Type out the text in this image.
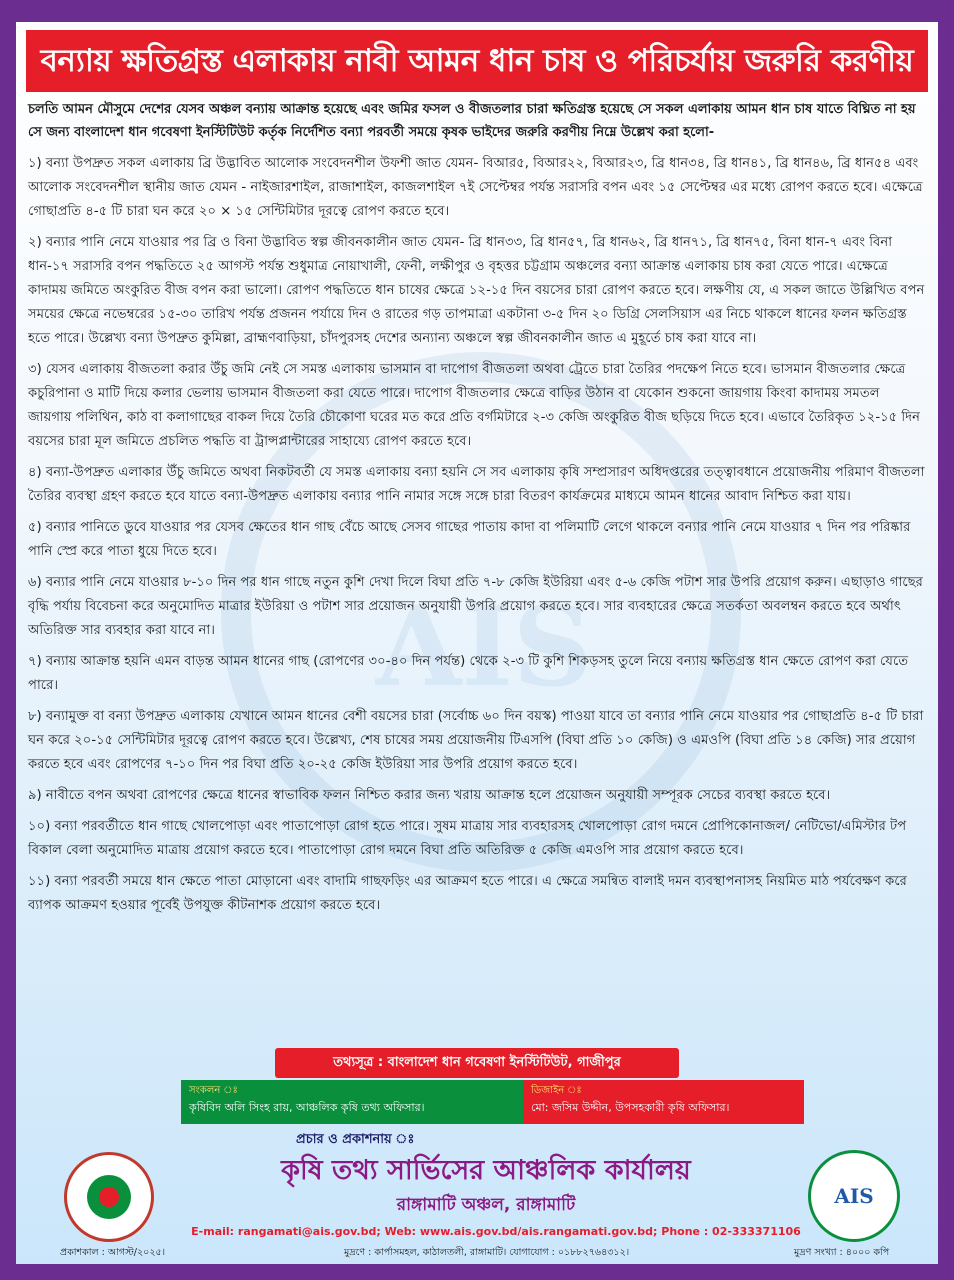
AIS
বন্যায় ক্ষতিগ্রস্ত এলাকায় নাবী আমন ধান চাষ ও পরিচর্যায় জরুরি করণীয়

চলতি আমন মৌসুমে দেশের যেসব অঞ্চল বন্যায় আক্রান্ত হয়েছে এবং জমির ফসল ও বীজতলার চারা ক্ষতিগ্রস্ত হয়েছে সে সকল এলাকায় আমন ধান চাষ যাতে বিঘ্নিত না হয় সে জন্য বাংলাদেশ ধান গবেষণা ইনস্টিটিউট কর্তৃক নির্দেশিত বন্যা পরবর্তী সময়ে কৃষক ভাইদের জরুরি করণীয় নিম্নে উল্লেখ করা হলো-

১) বন্যা উপদ্রুত সকল এলাকায় ব্রি উদ্ভাবিত আলোক সংবেদনশীল উফশী জাত যেমন- বিআর৫, বিআর২২, বিআর২৩, ব্রি ধান৩৪, ব্রি ধান৪১, ব্রি ধান৪৬, ব্রি ধান৫৪ এবং আলোক সংবেদনশীল স্থানীয় জাত যেমন - নাইজারশাইল, রাজাশাইল, কাজলশাইল ৭ই সেপ্টেম্বর পর্যন্ত সরাসরি বপন এবং ১৫ সেপ্টেম্বর এর মধ্যে রোপণ করতে হবে। এক্ষেত্রে গোছাপ্রতি ৪-৫ টি চারা ঘন করে ২০ × ১৫ সেন্টিমিটার দূরত্বে রোপণ করতে হবে।

২) বন্যার পানি নেমে যাওয়ার পর ব্রি ও বিনা উদ্ভাবিত স্বল্প জীবনকালীন জাত যেমন- ব্রি ধান৩৩, ব্রি ধান৫৭, ব্রি ধান৬২, ব্রি ধান৭১, ব্রি ধান৭৫, বিনা ধান-৭ এবং বিনা ধান-১৭ সরাসরি বপন পদ্ধতিতে ২৫ আগস্ট পর্যন্ত শুধুমাত্র নোয়াখালী, ফেনী, লক্ষীপুর ও বৃহত্তর চট্টগ্রাম অঞ্চলের বন্যা আক্রান্ত এলাকায় চাষ করা যেতে পারে। এক্ষেত্রে কাদাময় জমিতে অংকুরিত বীজ বপন করা ভালো। রোপণ পদ্ধতিতে ধান চাষের ক্ষেত্রে ১২-১৫ দিন বয়সের চারা রোপণ করতে হবে। লক্ষণীয় যে, এ সকল জাতে উল্লিখিত বপন সময়ের ক্ষেত্রে নভেম্বরের ১৫-৩০ তারিখ পর্যন্ত প্রজনন পর্যায়ে দিন ও রাতের গড় তাপমাত্রা একটানা ৩-৫ দিন ২০ ডিগ্রি সেলসিয়াস এর নিচে থাকলে ধানের ফলন ক্ষতিগ্রস্ত হতে পারে। উল্লেখ্য বন্যা উপদ্রুত কুমিল্লা, ব্রাহ্মণবাড়িয়া, চাঁদপুরসহ দেশের অন্যান্য অঞ্চলে স্বল্প জীবনকালীন জাত এ মুহূর্তে চাষ করা যাবে না।

৩) যেসব এলাকায় বীজতলা করার উঁচু জমি নেই সে সমস্ত এলাকায় ভাসমান বা দাপোগ বীজতলা অথবা ট্রেতে চারা তৈরির পদক্ষেপ নিতে হবে। ভাসমান বীজতলার ক্ষেত্রে কচুরিপানা ও মাটি দিয়ে কলার ভেলায় ভাসমান বীজতলা করা যেতে পারে। দাপোগ বীজতলার ক্ষেত্রে বাড়ির উঠান বা যেকোন শুকনো জায়গায় কিংবা কাদাময় সমতল জায়গায় পলিথিন, কাঠ বা কলাগাছের বাকল দিয়ে তৈরি চৌকোণা ঘরের মত করে প্রতি বর্গমিটারে ২-৩ কেজি অংকুরিত বীজ ছড়িয়ে দিতে হবে। এভাবে তৈরিকৃত ১২-১৫ দিন বয়সের চারা মূল জমিতে প্রচলিত পদ্ধতি বা ট্রান্সপ্লান্টারের সাহায্যে রোপণ করতে হবে।

৪) বন্যা-উপদ্রুত এলাকার উঁচু জমিতে অথবা নিকটবর্তী যে সমস্ত এলাকায় বন্যা হয়নি সে সব এলাকায় কৃষি সম্প্রসারণ অধিদপ্তরের তত্ত্বাবধানে প্রয়োজনীয় পরিমাণ বীজতলা তৈরির ব্যবস্থা গ্রহণ করতে হবে যাতে বন্যা-উপদ্রুত এলাকায় বন্যার পানি নামার সঙ্গে সঙ্গে চারা বিতরণ কার্যক্রমের মাধ্যমে আমন ধানের আবাদ নিশ্চিত করা যায়।

৫) বন্যার পানিতে ডুবে যাওয়ার পর যেসব ক্ষেতের ধান গাছ বেঁচে আছে সেসব গাছের পাতায় কাদা বা পলিমাটি লেগে থাকলে বন্যার পানি নেমে যাওয়ার ৭ দিন পর পরিষ্কার পানি স্প্রে করে পাতা ধুয়ে দিতে হবে।

৬) বন্যার পানি নেমে যাওয়ার ৮-১০ দিন পর ধান গাছে নতুন কুশি দেখা দিলে বিঘা প্রতি ৭-৮ কেজি ইউরিয়া এবং ৫-৬ কেজি পটাশ সার উপরি প্রয়োগ করুন। এছাড়াও গাছের বৃদ্ধি পর্যায় বিবেচনা করে অনুমোদিত মাত্রার ইউরিয়া ও পটাশ সার প্রয়োজন অনুযায়ী উপরি প্রয়োগ করতে হবে। সার ব্যবহারের ক্ষেত্রে সতর্কতা অবলম্বন করতে হবে অর্থাৎ অতিরিক্ত সার ব্যবহার করা যাবে না।

৭) বন্যায় আক্রান্ত হয়নি এমন বাড়ন্ত আমন ধানের গাছ (রোপণের ৩০-৪০ দিন পর্যন্ত) থেকে ২-৩ টি কুশি শিকড়সহ তুলে নিয়ে বন্যায় ক্ষতিগ্রস্ত ধান ক্ষেতে রোপণ করা যেতে পারে।

৮) বন্যামুক্ত বা বন্যা উপদ্রুত এলাকায় যেখানে আমন ধানের বেশী বয়সের চারা (সর্বোচ্চ ৬০ দিন বয়স্ক) পাওয়া যাবে তা বন্যার পানি নেমে যাওয়ার পর গোছাপ্রতি ৪-৫ টি চারা ঘন করে ২০-১৫ সেন্টিমিটার দূরত্বে রোপণ করতে হবে। উল্লেখ্য, শেষ চাষের সময় প্রয়োজনীয় টিএসপি (বিঘা প্রতি ১০ কেজি) ও এমওপি (বিঘা প্রতি ১৪ কেজি) সার প্রয়োগ করতে হবে এবং রোপণের ৭-১০ দিন পর বিঘা প্রতি ২০-২৫ কেজি ইউরিয়া সার উপরি প্রয়োগ করতে হবে।

৯) নাবীতে বপন অথবা রোপণের ক্ষেত্রে ধানের স্বাভাবিক ফলন নিশ্চিত করার জন্য খরায় আক্রান্ত হলে প্রয়োজন অনুযায়ী সম্পূরক সেচের ব্যবস্থা করতে হবে।

১০) বন্যা পরবর্তীতে ধান গাছে খোলপোড়া এবং পাতাপোড়া রোগ হতে পারে। সুষম মাত্রায় সার ব্যবহারসহ খোলপোড়া রোগ দমনে প্রোপিকোনাজল/ নেটিভো/এমিস্টার টপ বিকাল বেলা অনুমোদিত মাত্রায় প্রয়োগ করতে হবে। পাতাপোড়া রোগ দমনে বিঘা প্রতি অতিরিক্ত ৫ কেজি এমওপি সার প্রয়োগ করতে হবে।

১১) বন্যা পরবর্তী সময়ে ধান ক্ষেতে পাতা মোড়ানো এবং বাদামি গাছফড়িং এর আক্রমণ হতে পারে। এ ক্ষেত্রে সমন্বিত বালাই দমন ব্যবস্থাপনাসহ নিয়মিত মাঠ পর্যবেক্ষণ করে ব্যাপক আক্রমণ হওয়ার পূর্বেই উপযুক্ত কীটনাশক প্রয়োগ করতে হবে।

তথ্যসূত্র : বাংলাদেশ ধান গবেষণা ইনস্টিটিউট, গাজীপুর
সংকলন ঃ
কৃষিবিদ অলি সিংহ রায়, আঞ্চলিক কৃষি তথ্য অফিসার।
ডিজাইন ঃ
মো: জসিম উদ্দীন, উপসহকারী কৃষি অফিসার।
প্রচার ও প্রকাশনায় ঃ
কৃষি তথ্য সার্ভিসের আঞ্চলিক কার্যালয়
রাঙ্গামাটি অঞ্চল, রাঙ্গামাটি
E-mail: rangamati@ais.gov.bd; Web: www.ais.gov.bd/ais.rangamati.gov.bd; Phone : 02-333371106
AIS
প্রকাশকাল : আগস্ট/২০২৫।	মুদ্রণে : কার্পাসমহল, কাঠালতলী, রাঙ্গামাটি। যোগাযোগ : ০১৮৮২৭৬৪৩১২।	মুদ্রণ সংখ্যা : ৪০০০ কপি
